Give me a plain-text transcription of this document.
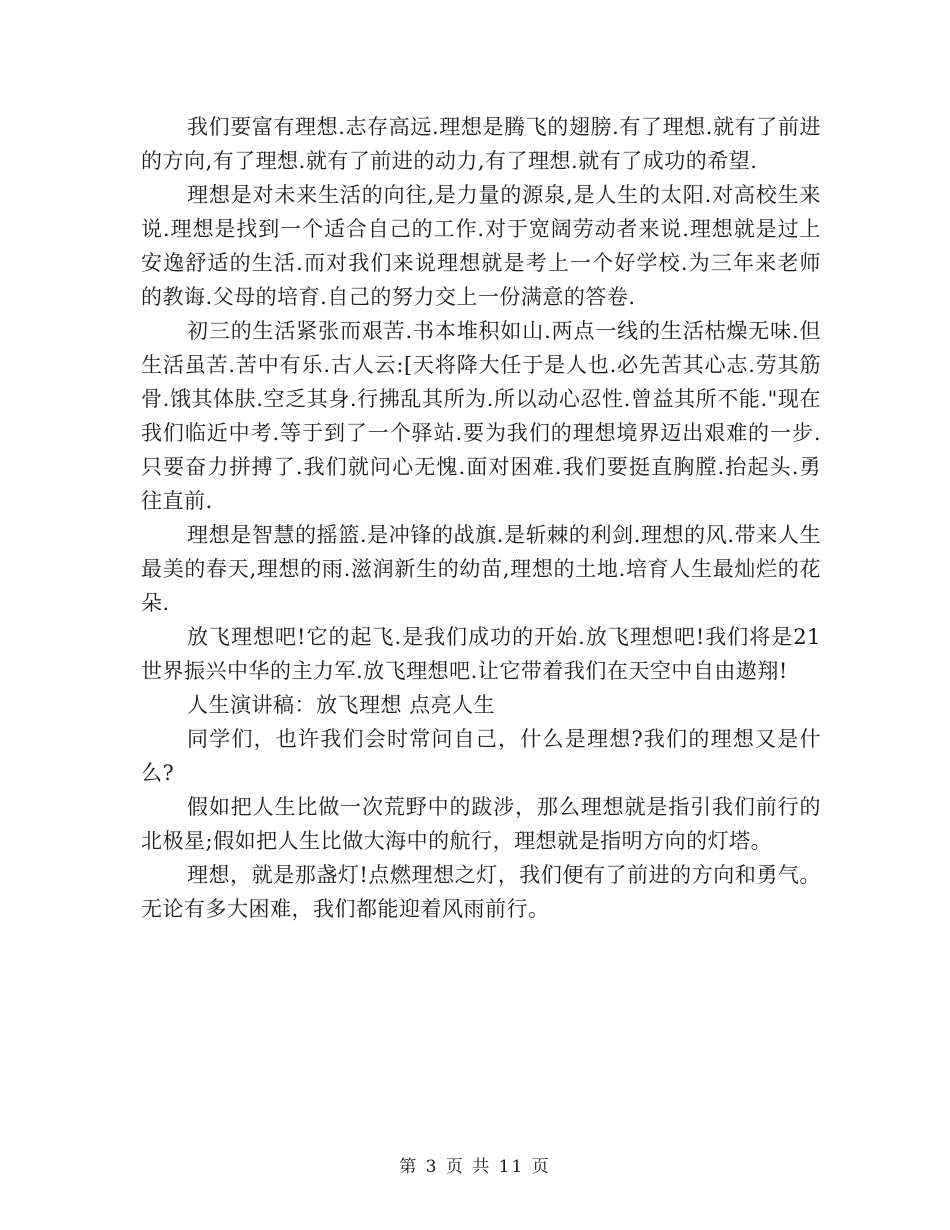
我们要富有理想.志存高远.理想是腾飞的翅膀.有了理想.就有了前进的方向,有了理想.就有了前进的动力,有了理想.就有了成功的希望.

理想是对未来生活的向往,是力量的源泉,是人生的太阳.对高校生来说.理想是找到一个适合自己的工作.对于宽阔劳动者来说.理想就是过上安逸舒适的生活.而对我们来说理想就是考上一个好学校.为三年来老师的教诲.父母的培育.自己的努力交上一份满意的答卷.

初三的生活紧张而艰苦.书本堆积如山.两点一线的生活枯燥无味.但生活虽苦.苦中有乐.古人云:[天将降大任于是人也.必先苦其心志.劳其筋骨.饿其体肤.空乏其身.行拂乱其所为.所以动心忍性.曾益其所不能."现在我们临近中考.等于到了一个驿站.要为我们的理想境界迈出艰难的一步.只要奋力拼搏了.我们就问心无愧.面对困难.我们要挺直胸膛.抬起头.勇往直前.

理想是智慧的摇篮.是冲锋的战旗.是斩棘的利剑.理想的风.带来人生最美的春天,理想的雨.滋润新生的幼苗,理想的土地.培育人生最灿烂的花朵.

放飞理想吧!它的起飞.是我们成功的开始.放飞理想吧!我们将是21世界振兴中华的主力军.放飞理想吧.让它带着我们在天空中自由遨翔!

人生演讲稿：放飞理想 点亮人生

同学们，也许我们会时常问自己，什么是理想?我们的理想又是什么?

假如把人生比做一次荒野中的跋涉，那么理想就是指引我们前行的北极星;假如把人生比做大海中的航行，理想就是指明方向的灯塔。

理想，就是那盏灯!点燃理想之灯，我们便有了前进的方向和勇气。无论有多大困难，我们都能迎着风雨前行。

第 3 页 共 11 页
